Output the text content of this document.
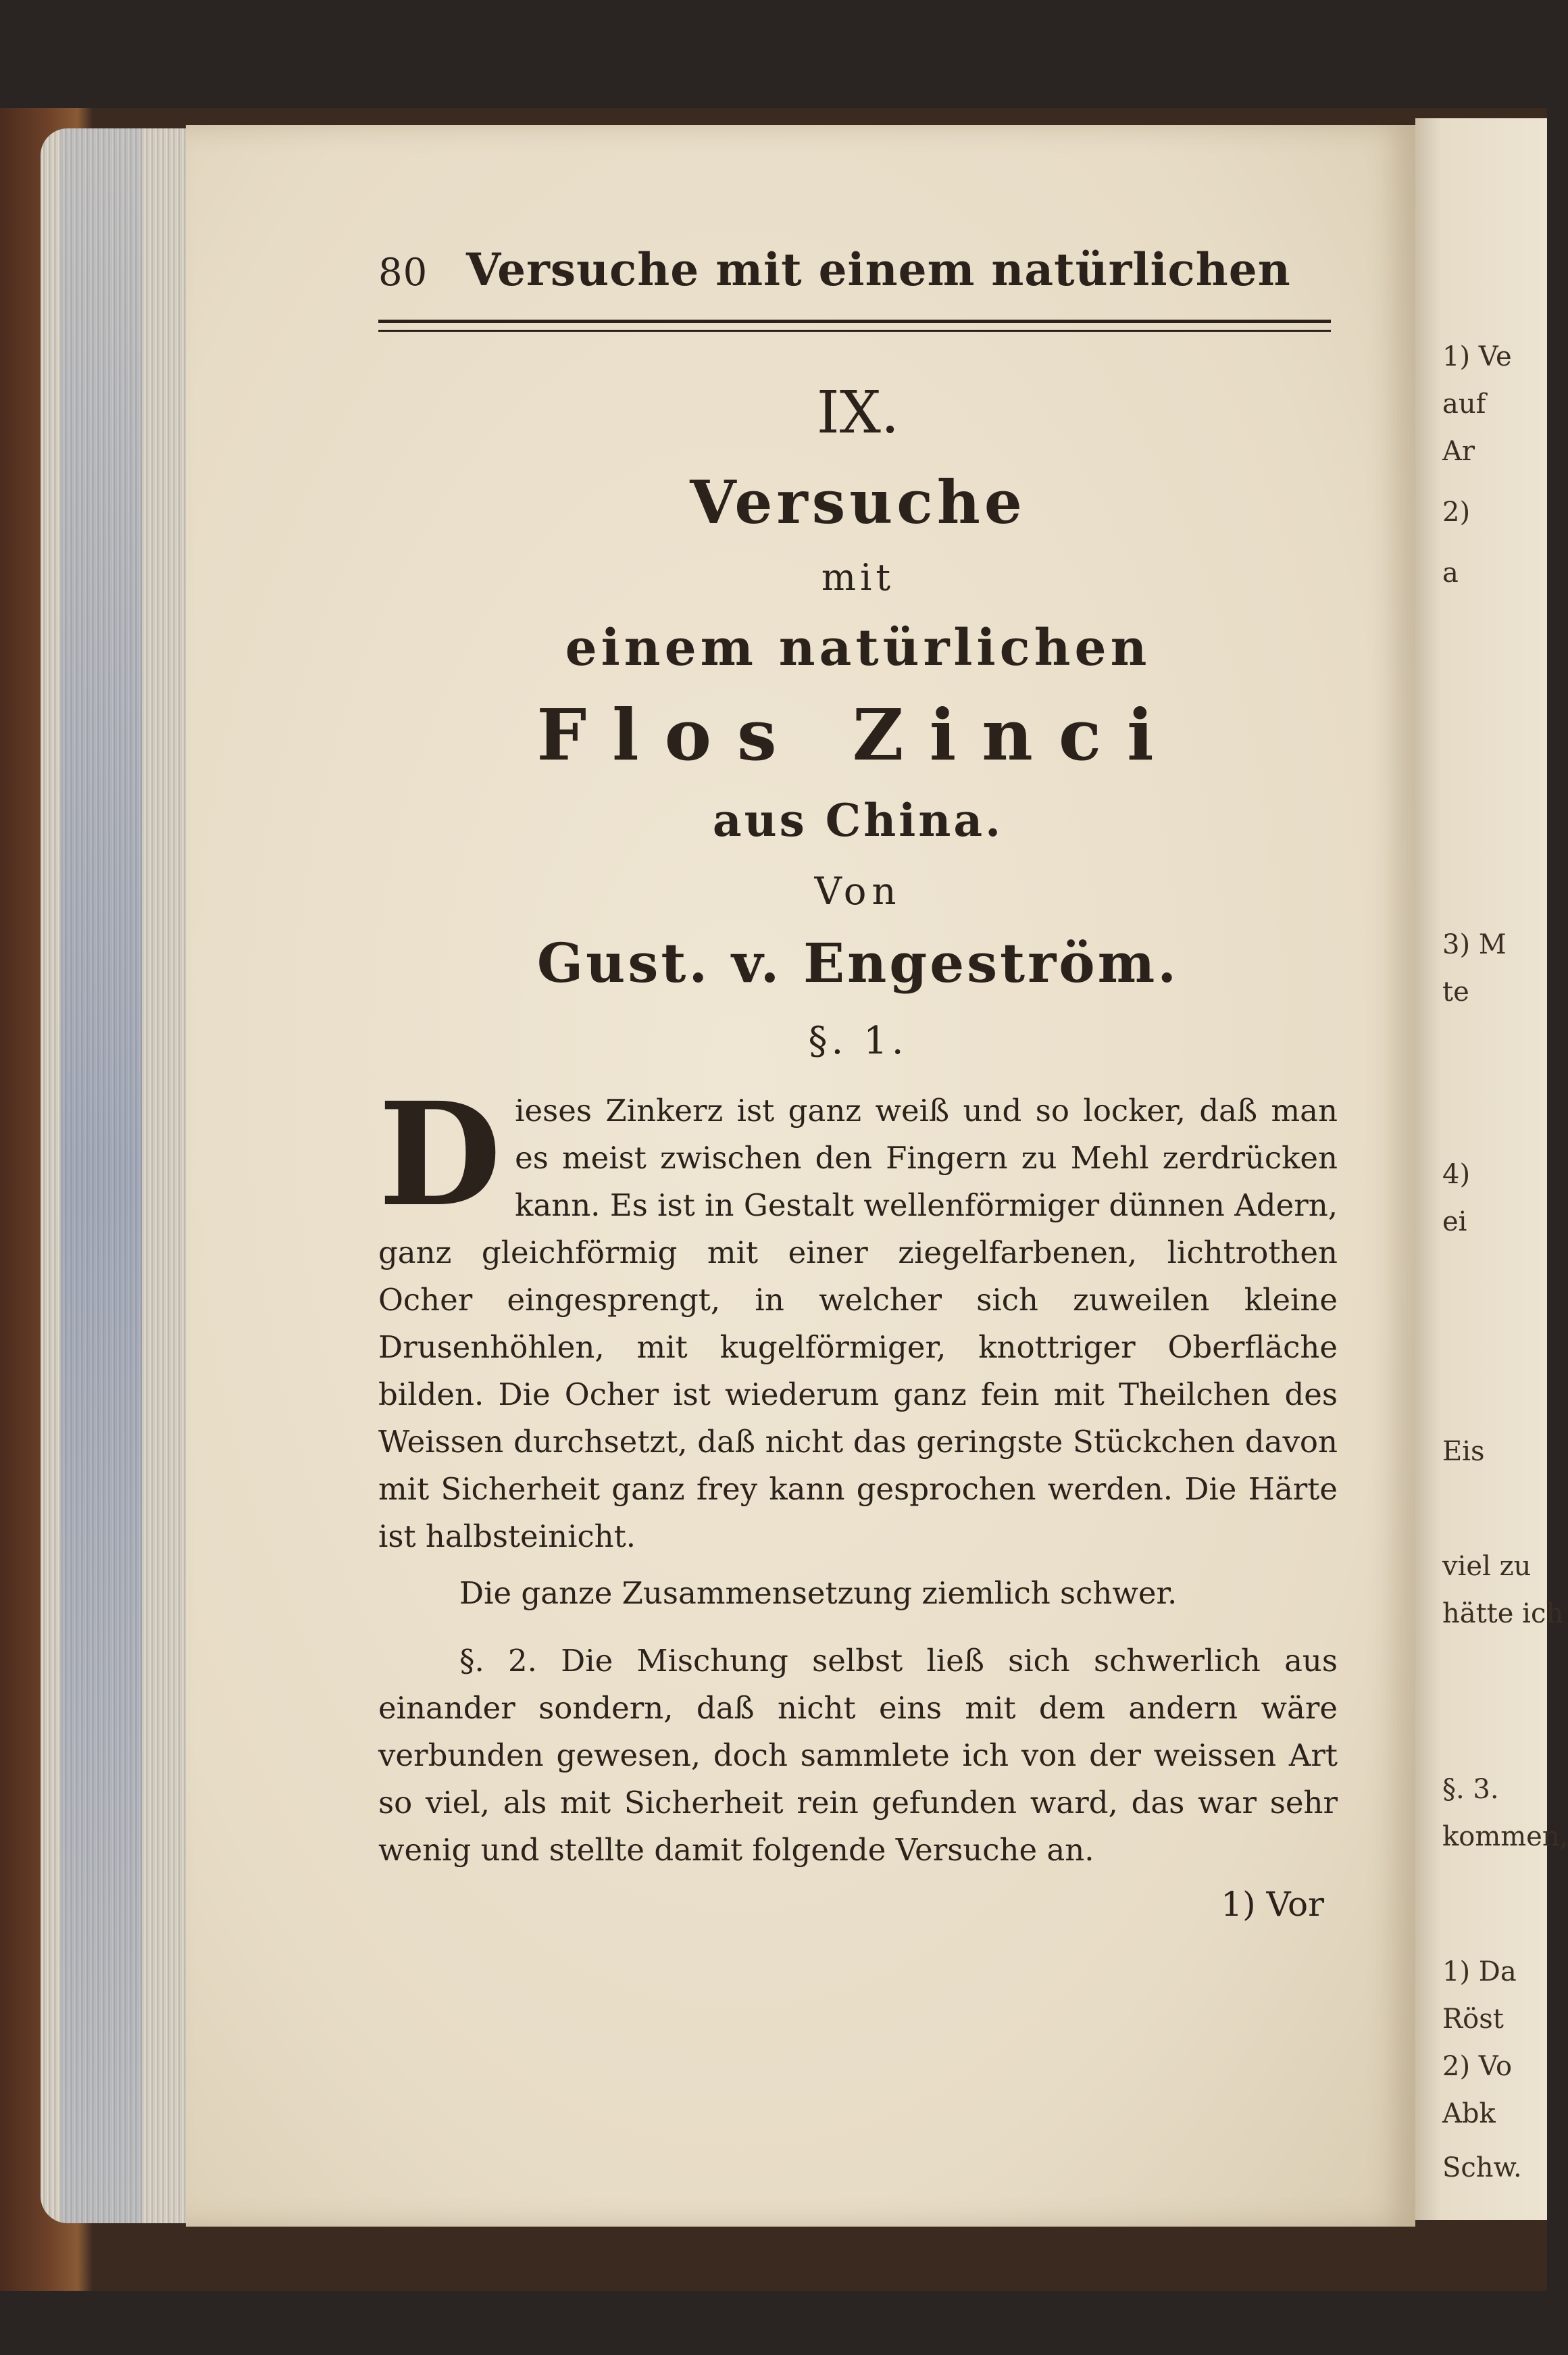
1) Ve
auf
Ar
2)
a
3) M
te
4)
ei
Eis
viel zu
hätte ich
§. 3.
kommen,
1) Da
Röst
2) Vo
Abk
Schw.
80 Versuche mit einem natürlichen
IX.
Versuche
mit
einem natürlichen
Flos Zinci
aus China.
Von
Gust. v. Engeström.
§. 1.

Dieses Zinkerz ist ganz weiß und so locker, daß man es meist zwischen den Fingern zu Mehl zerdrücken kann. Es ist in Gestalt wellenförmiger dünnen Adern, ganz gleichförmig mit einer ziegelfarbenen, lichtrothen Ocher eingesprengt, in welcher sich zuweilen kleine Drusenhöhlen, mit kugelförmiger, knottriger Oberfläche bilden. Die Ocher ist wiederum ganz fein mit Theilchen des Weissen durchsetzt, daß nicht das geringste Stückchen davon mit Sicherheit ganz frey kann gesprochen werden. Die Härte ist halbsteinicht.

Die ganze Zusammensetzung ziemlich schwer.

§. 2. Die Mischung selbst ließ sich schwerlich aus einander sondern, daß nicht eins mit dem andern wäre verbunden gewesen, doch sammlete ich von der weissen Art so viel, als mit Sicherheit rein gefunden ward, das war sehr wenig und stellte damit folgende Versuche an.

1) Vor
